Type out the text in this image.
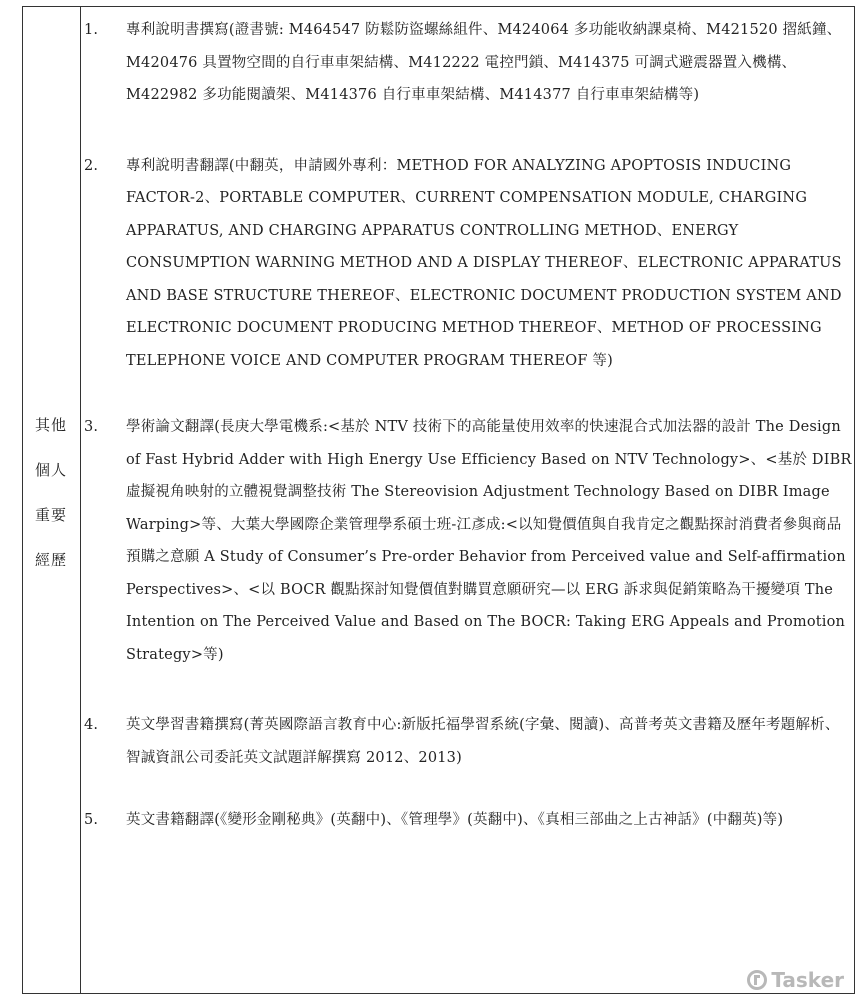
其他
個人
重要
經歷
1. 專利說明書撰寫(證書號: M464547 防鬆防盜螺絲組件、M424064 多功能收納課桌椅、M421520 摺紙鐘、M420476 具置物空間的自行車車架結構、M412222 電控門鎖、M414375 可調式避震器置入機構、M422982 多功能閱讀架、M414376 自行車車架結構、M414377 自行車車架結構等)

2. 專利說明書翻譯(中翻英，申請國外專利：METHOD FOR ANALYZING APOPTOSIS INDUCING FACTOR-2、PORTABLE COMPUTER、CURRENT COMPENSATION MODULE, CHARGING APPARATUS, AND CHARGING APPARATUS CONTROLLING METHOD、ENERGY CONSUMPTION WARNING METHOD AND A DISPLAY THEREOF、ELECTRONIC APPARATUS AND BASE STRUCTURE THEREOF、ELECTRONIC DOCUMENT PRODUCTION SYSTEM AND ELECTRONIC DOCUMENT PRODUCING METHOD THEREOF、METHOD OF PROCESSING TELEPHONE VOICE AND COMPUTER PROGRAM THEREOF 等)

3. 學術論文翻譯(長庚大學電機系:<基於 NTV 技術下的高能量使用效率的快速混合式加法器的設計 The Design of Fast Hybrid Adder with High Energy Use Efficiency Based on NTV Technology>、<基於 DIBR 虛擬視角映射的立體視覺調整技術 The Stereovision Adjustment Technology Based on DIBR Image Warping>等、大葉大學國際企業管理學系碩士班-江彥成:<以知覺價值與自我肯定之觀點探討消費者參與商品預購之意願 A Study of Consumer’s Pre-order Behavior from Perceived value and Self-affirmation Perspectives>、<以 BOCR 觀點探討知覺價值對購買意願研究—以 ERG 訴求與促銷策略為干擾變項 The Intention on The Perceived Value and Based on The BOCR: Taking ERG Appeals and Promotion Strategy>等)

4. 英文學習書籍撰寫(菁英國際語言教育中心:新版托福學習系統(字彙、閱讀)、高普考英文書籍及歷年考題解析、智誠資訊公司委託英文試題詳解撰寫 2012、2013)

5. 英文書籍翻譯(《變形金剛秘典》(英翻中)、《管理學》(英翻中)、《真相三部曲之上古神話》(中翻英)等)

Tasker
